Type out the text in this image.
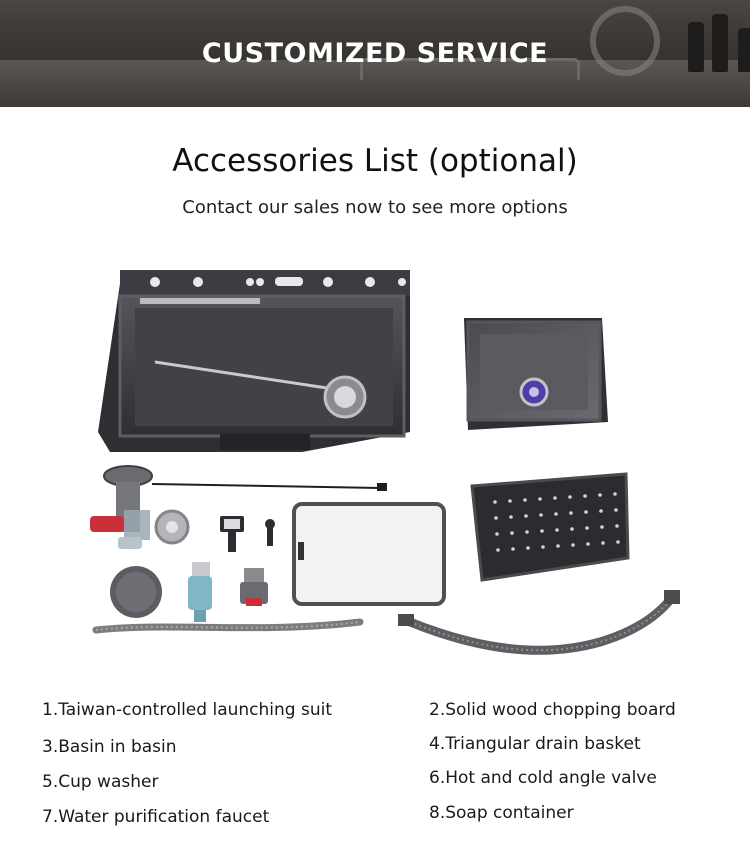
CUSTOMIZED SERVICE
Accessories List (optional)
Contact our sales now to see more options
1.Taiwan-controlled launching suit	2.Solid wood chopping board
3.Basin in basin	4.Triangular drain basket
5.Cup washer	6.Hot and cold angle valve
7.Water purification faucet	8.Soap container
